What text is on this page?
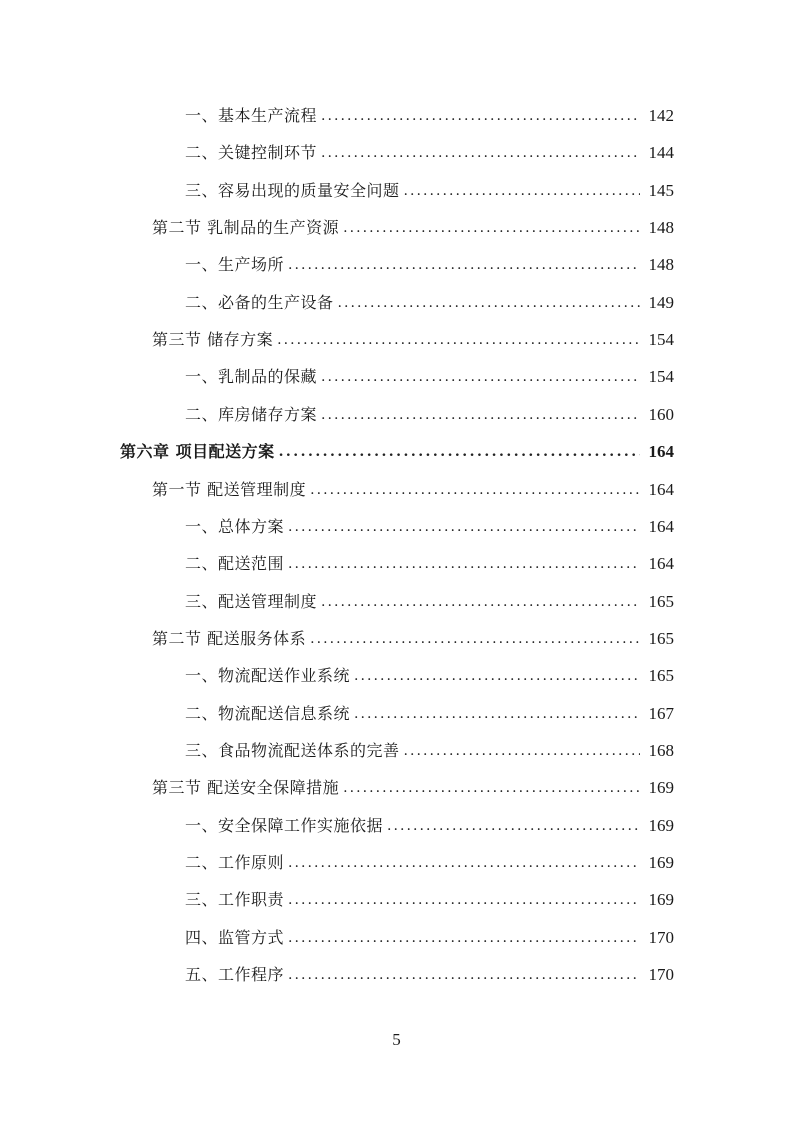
一、基本生产流程 . . .	142
二、关键控制环节 . . .	144
三、容易出现的质量安全问题 . . .	145
第二节 乳制品的生产资源 . . .	148
一、生产场所 . . .	148
二、必备的生产设备 . . .	149
第三节 储存方案 . . .	154
一、乳制品的保藏 . . .	154
二、库房储存方案 . . .	160
第六章 项目配送方案 . . .	164
第一节 配送管理制度 . . .	164
一、总体方案 . . .	164
二、配送范围 . . .	164
三、配送管理制度 . . .	165
第二节 配送服务体系 . . .	165
一、物流配送作业系统 . . .	165
二、物流配送信息系统 . . .	167
三、食品物流配送体系的完善 . . .	168
第三节 配送安全保障措施 . . .	169
一、安全保障工作实施依据 . . .	169
二、工作原则 . . .	169
三、工作职责 . . .	169
四、监管方式 . . .	170
五、工作程序 . . .	170
5
